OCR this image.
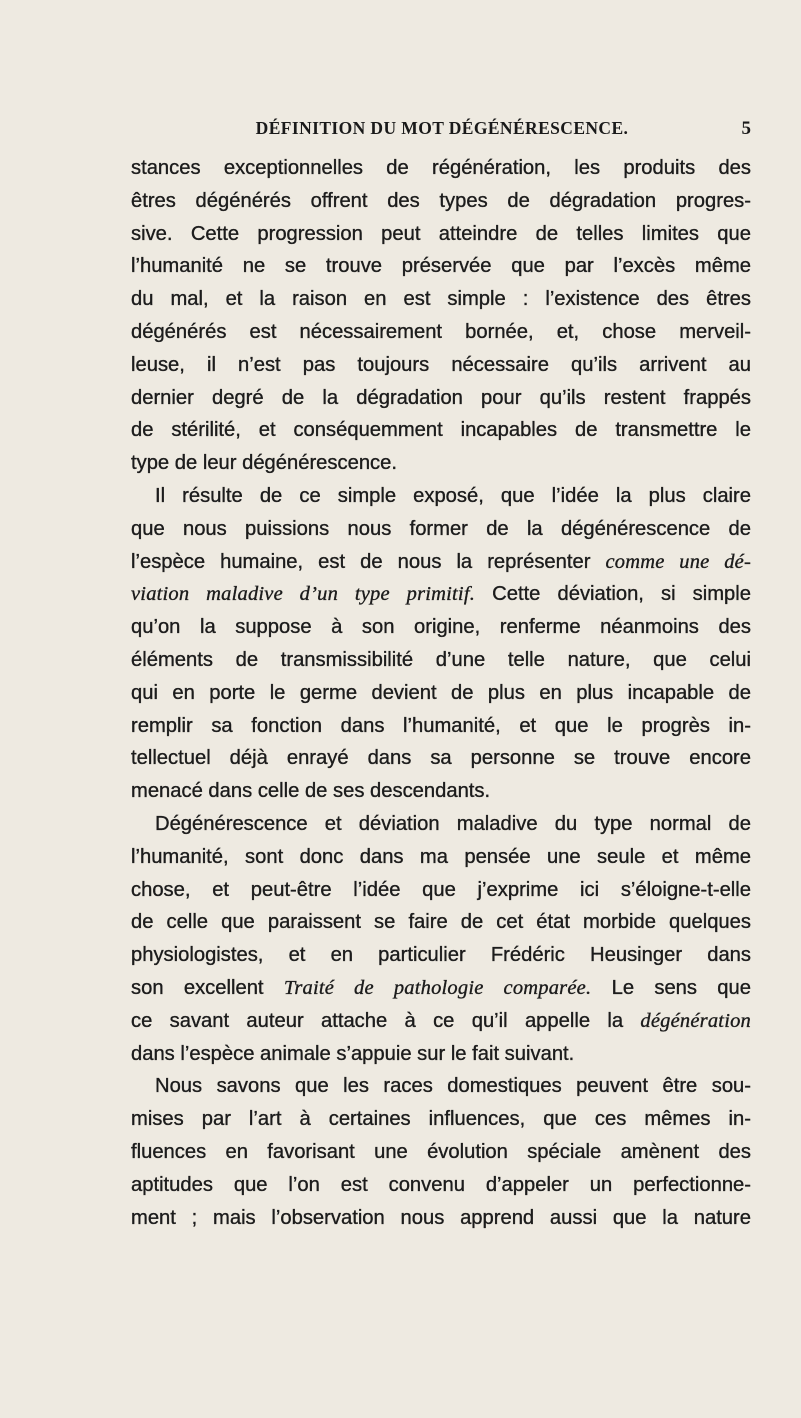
DÉFINITION DU MOT DÉGÉNÉRESCENCE.	5
stances exceptionnelles de régénération, les produits des
êtres dégénérés offrent des types de dégradation progres-
sive. Cette progression peut atteindre de telles limites que
l’humanité ne se trouve préservée que par l’excès même
du mal, et la raison en est simple : l’existence des êtres
dégénérés est nécessairement bornée, et, chose merveil-
leuse, il n’est pas toujours nécessaire qu’ils arrivent au
dernier degré de la dégradation pour qu’ils restent frappés
de stérilité, et conséquemment incapables de transmettre le
type de leur dégénérescence.
Il résulte de ce simple exposé, que l’idée la plus claire
que nous puissions nous former de la dégénérescence de
l’espèce humaine, est de nous la représenter comme une dé-
viation maladive d’un type primitif. Cette déviation, si simple
qu’on la suppose à son origine, renferme néanmoins des
éléments de transmissibilité d’une telle nature, que celui
qui en porte le germe devient de plus en plus incapable de
remplir sa fonction dans l’humanité, et que le progrès in-
tellectuel déjà enrayé dans sa personne se trouve encore
menacé dans celle de ses descendants.
Dégénérescence et déviation maladive du type normal de
l’humanité, sont donc dans ma pensée une seule et même
chose, et peut-être l’idée que j’exprime ici s’éloigne-t-elle
de celle que paraissent se faire de cet état morbide quelques
physiologistes, et en particulier Frédéric Heusinger dans
son excellent Traité de pathologie comparée. Le sens que
ce savant auteur attache à ce qu’il appelle la dégénération
dans l’espèce animale s’appuie sur le fait suivant.
Nous savons que les races domestiques peuvent être sou-
mises par l’art à certaines influences, que ces mêmes in-
fluences en favorisant une évolution spéciale amènent des
aptitudes que l’on est convenu d’appeler un perfectionne-
ment ; mais l’observation nous apprend aussi que la nature
